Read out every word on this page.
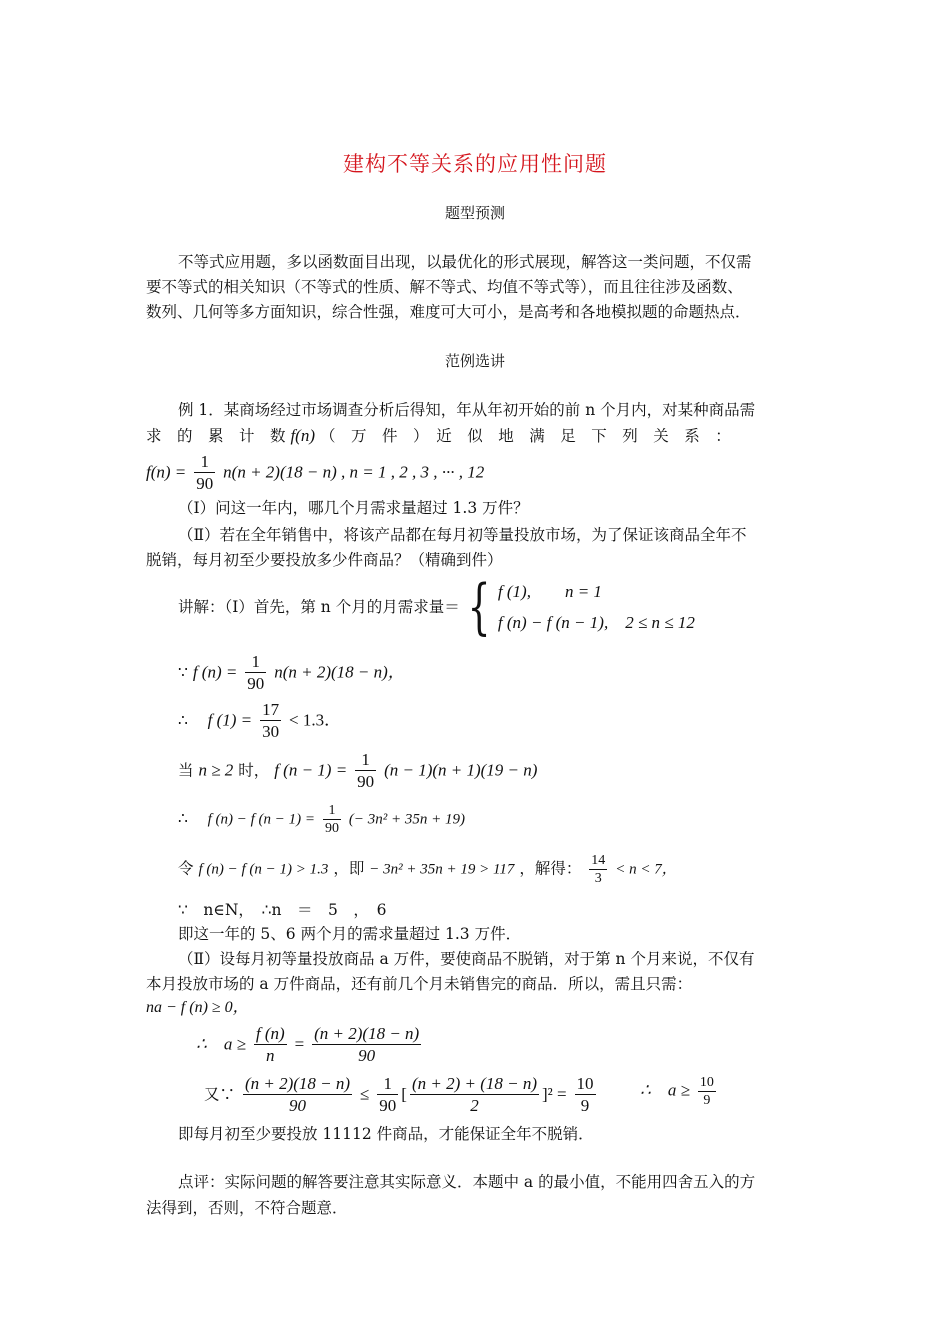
建构不等关系的应用性问题
题型预测
不等式应用题，多以函数面目出现，以最优化的形式展现，解答这一类问题，不仅需
要不等式的相关知识（不等式的性质、解不等式、均值不等式等），而且往往涉及函数、
数列、几何等多方面知识，综合性强，难度可大可小，是高考和各地模拟题的命题热点．
范例选讲
例 1．某商场经过市场调查分析后得知，年从年初开始的前 n 个月内，对某种商品需
求　的　累　计　数 f(n) （　万　件　）　近　似　地　满　足　下　列　关　系　：
$f(n) = \frac{1}{90} n(n + 2)(18 - n)$ , n = 1 , 2 , 3 , ··· , 12
（Ⅰ）问这一年内，哪几个月需求量超过 1.3 万件？
（Ⅱ）若在全年销售中，将该产品都在每月初等量投放市场，为了保证该商品全年不
脱销，每月初至少要投放多少件商品？（精确到件）
讲解：（Ⅰ）首先，第 n 个月的月需求量＝ { f (1),　　n = 1
f (n) − f (n − 1),　2 ≤ n ≤ 12
∵ f $(n) = \frac{1}{90} n(n + 2)(18 - n)$，
∴ f $(1) = \frac{17}{30} < 1.3$．
当 n ≥ 2 时， f $(n - 1) = \frac{1}{90} (n - 1)(n + 1)(19 - n)$
∴ f (n) − f $(n - 1) = \frac{1}{90}$ (− 3n² + 35n + 19)
令 f (n) − f (n − 1) > 1.3 ，即 − 3n² + 35n + 19 > 117 ，解得： $\frac{14}{3} < n < 7$，
∵　n∈N，　∴n　＝　5　，　6
即这一年的 5、6 两个月的需求量超过 1.3 万件．
（Ⅱ）设每月初等量投放商品 a 万件，要使商品不脱销，对于第 n 个月来说，不仅有
本月投放市场的 a 万件商品，还有前几个月未销售完的商品．所以，需且只需：
na − f (n) ≥ 0，
∴　$a \ge \frac{f (n)}{n} = \frac{(n + 2)(18 - n)}{90}$
又∵ $\frac{(n + 2)(18 - n)}{90} \le \frac{1}{90}$ [ $\frac{(n + 2) + (18 - n)}{2} ]^2 = \frac{10}{9}$	∴　$a \ge \frac{10}{9}$
即每月初至少要投放 11112 件商品，才能保证全年不脱销．
点评：实际问题的解答要注意其实际意义．本题中 a 的最小值，不能用四舍五入的方
法得到，否则，不符合题意．
